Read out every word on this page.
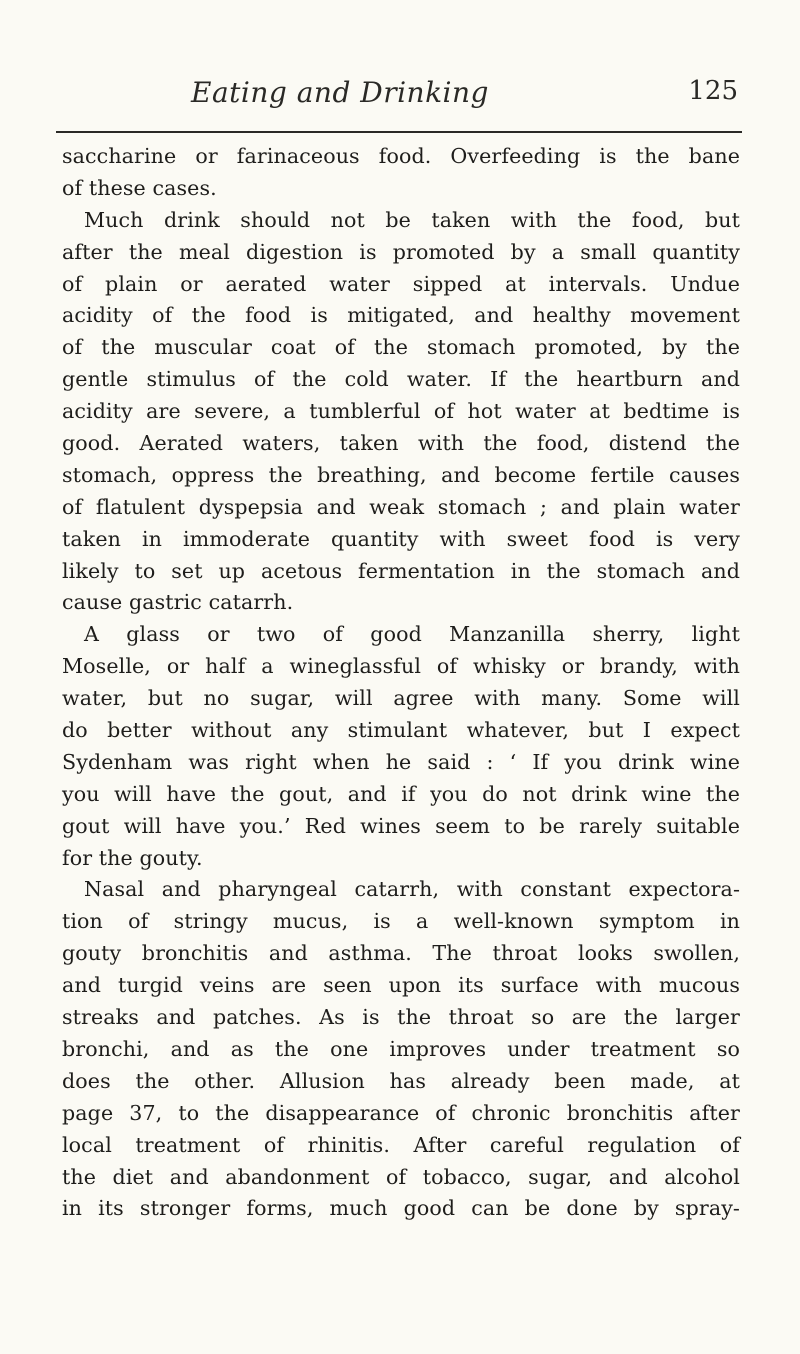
Eating and Drinking	125
saccharine or farinaceous food. Overfeeding is the bane
of these cases.
Much drink should not be taken with the food, but
after the meal digestion is promoted by a small quantity
of plain or aerated water sipped at intervals. Undue
acidity of the food is mitigated, and healthy movement
of the muscular coat of the stomach promoted, by the
gentle stimulus of the cold water. If the heartburn and
acidity are severe, a tumblerful of hot water at bedtime is
good. Aerated waters, taken with the food, distend the
stomach, oppress the breathing, and become fertile causes
of flatulent dyspepsia and weak stomach ; and plain water
taken in immoderate quantity with sweet food is very
likely to set up acetous fermentation in the stomach and
cause gastric catarrh.
A glass or two of good Manzanilla sherry, light
Moselle, or half a wineglassful of whisky or brandy, with
water, but no sugar, will agree with many. Some will
do better without any stimulant whatever, but I expect
Sydenham was right when he said : ‘ If you drink wine
you will have the gout, and if you do not drink wine the
gout will have you.’ Red wines seem to be rarely suitable
for the gouty.
Nasal and pharyngeal catarrh, with constant expectora-
tion of stringy mucus, is a well-known symptom in
gouty bronchitis and asthma. The throat looks swollen,
and turgid veins are seen upon its surface with mucous
streaks and patches. As is the throat so are the larger
bronchi, and as the one improves under treatment so
does the other. Allusion has already been made, at
page 37, to the disappearance of chronic bronchitis after
local treatment of rhinitis. After careful regulation of
the diet and abandonment of tobacco, sugar, and alcohol
in its stronger forms, much good can be done by spray-
